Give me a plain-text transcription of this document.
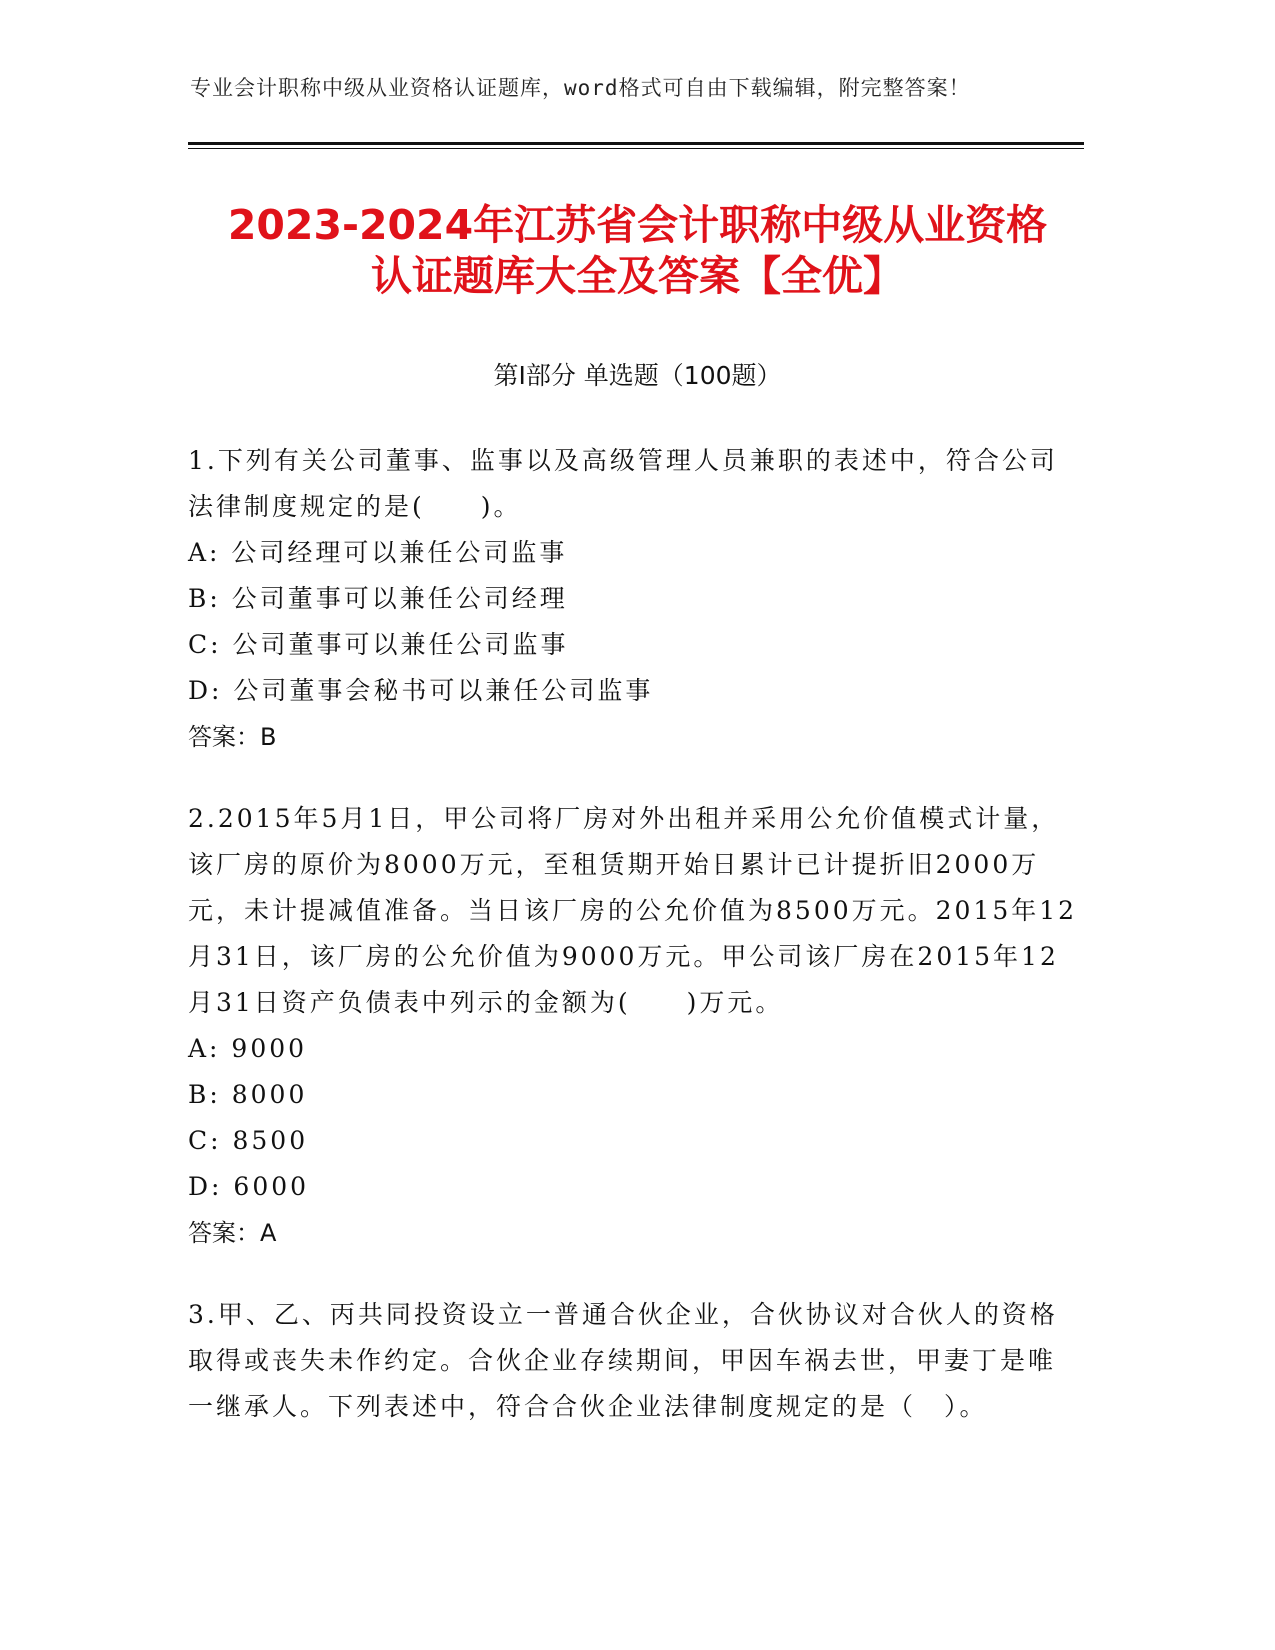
专业会计职称中级从业资格认证题库，word格式可自由下载编辑，附完整答案！
2023-2024年江苏省会计职称中级从业资格
认证题库大全及答案【全优】
第I部分 单选题（100题）

1.下列有关公司董事、监事以及高级管理人员兼职的表述中，符合公司法律制度规定的是(　　)。

A: 公司经理可以兼任公司监事

B: 公司董事可以兼任公司经理

C: 公司董事可以兼任公司监事

D: 公司董事会秘书可以兼任公司监事

答案：B

2.2015年5月1日，甲公司将厂房对外出租并采用公允价值模式计量，该厂房的原价为8000万元，至租赁期开始日累计已计提折旧2000万元，未计提减值准备。当日该厂房的公允价值为8500万元。2015年12月31日，该厂房的公允价值为9000万元。甲公司该厂房在2015年12月31日资产负债表中列示的金额为(　　)万元。

A: 9000

B: 8000

C: 8500

D: 6000

答案：A

3.甲、乙、丙共同投资设立一普通合伙企业，合伙协议对合伙人的资格取得或丧失未作约定。合伙企业存续期间，甲因车祸去世，甲妻丁是唯一继承人。下列表述中，符合合伙企业法律制度规定的是（　）。
